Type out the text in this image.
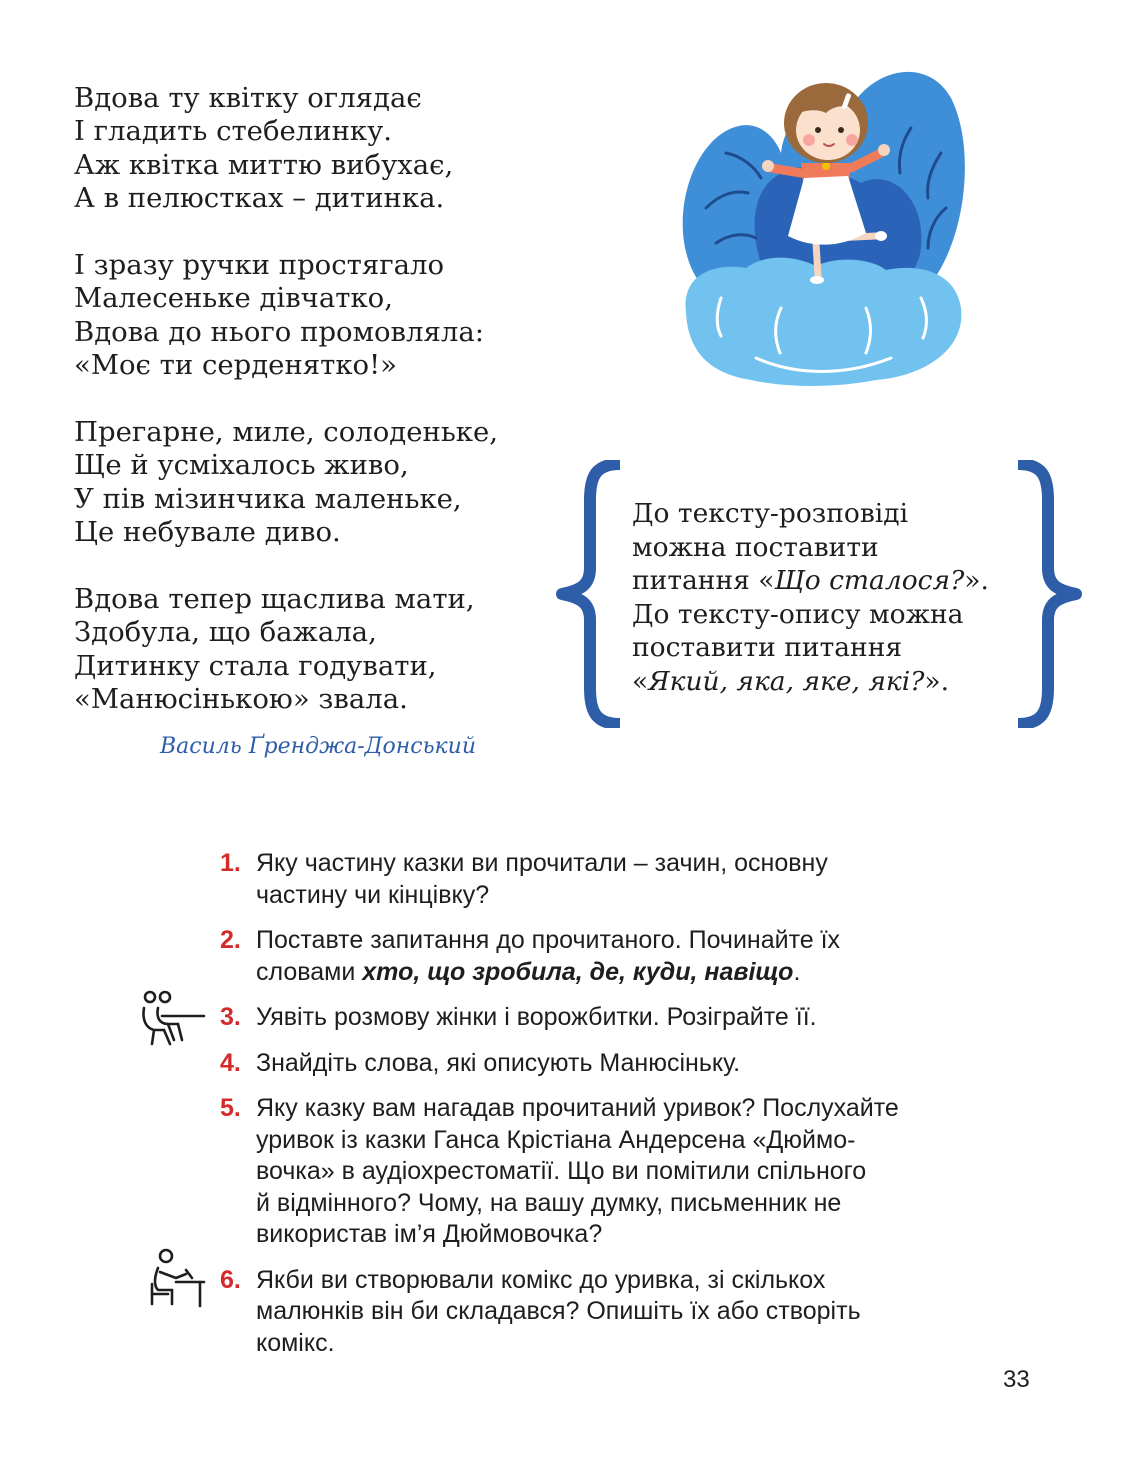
Вдова ту квітку оглядає
І гладить стебелинку.
Аж квітка миттю вибухає,
А в пелюстках – дитинка.
І зразу ручки простягало
Малесеньке дівчатко,
Вдова до нього промовляла:
«Моє ти серденятко!»
Прегарне, миле, солоденьке,
Ще й усміхалось живо,
У пів мізинчика маленьке,
Це небувале диво.
Вдова тепер щаслива мати,
Здобула, що бажала,
Дитинку стала годувати,
«Манюсінькою» звала.
Василь Ґренджа-Донський
До тексту-розповіді
можна поставити
питання «Що сталося?».
До тексту-опису можна
поставити питання
«Який, яка, яке, які?».
1. Яку частину казки ви прочитали – зачин, основну
частину чи кінцівку?
2. Поставте запитання до прочитаного. Починайте їх
словами хто, що зробила, де, куди, навіщо.
3. Уявіть розмову жінки і ворожбитки. Розіграйте її.
4. Знайдіть слова, які описують Манюсіньку.
5. Яку казку вам нагадав прочитаний уривок? Послухайте
уривок із казки Ганса Крістіана Андерсена «Дюймо-
вочка» в аудіохрестоматії. Що ви помітили спільного
й відмінного? Чому, на вашу думку, письменник не
використав ім’я Дюймовочка?
6. Якби ви створювали комікс до уривка, зі скількох
малюнків він би складався? Опишіть їх або створіть
комікс.
33
